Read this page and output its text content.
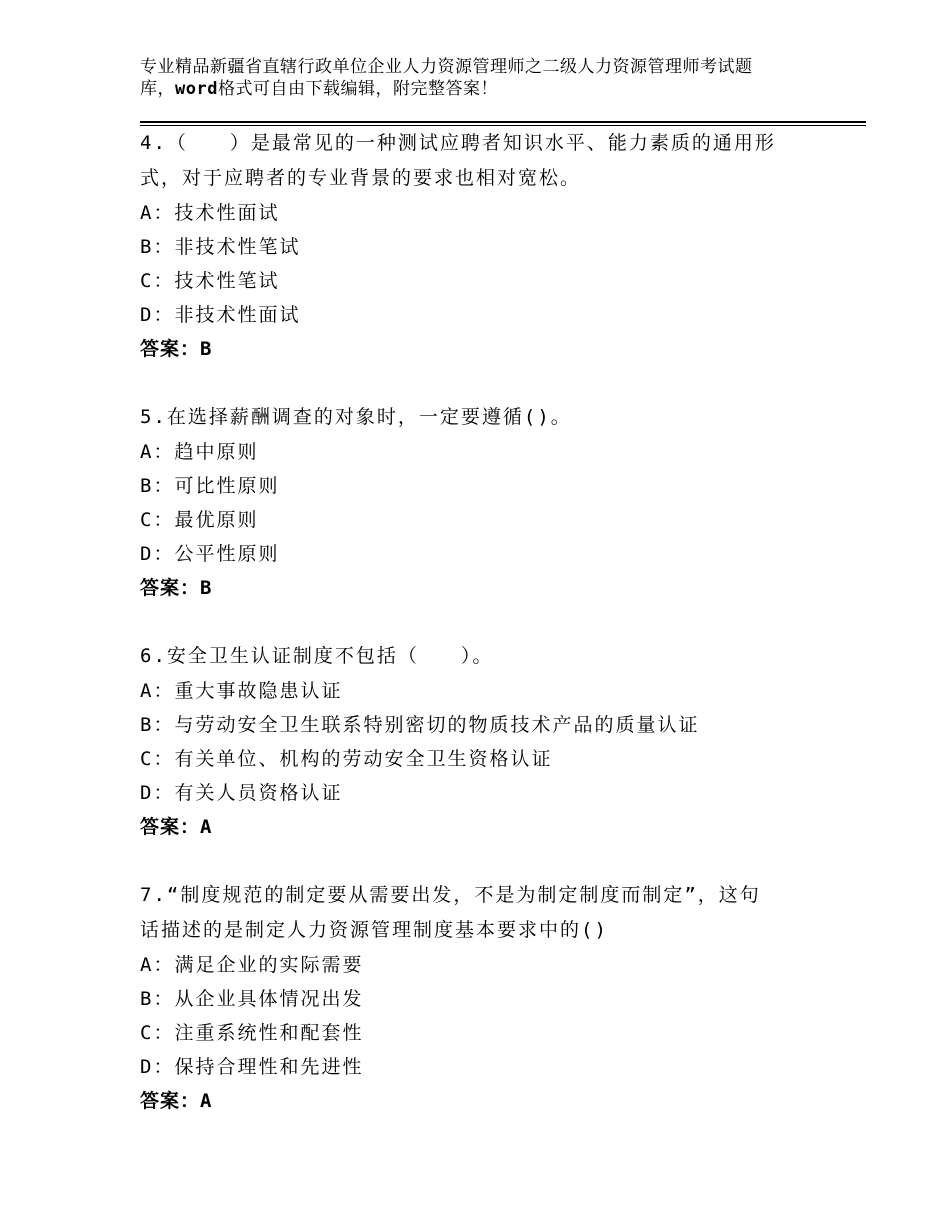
专业精品新疆省直辖行政单位企业人力资源管理师之二级人力资源管理师考试题
库，word格式可自由下载编辑，附完整答案！

4.（　　）是最常见的一种测试应聘者知识水平、能力素质的通用形

式，对于应聘者的专业背景的要求也相对宽松。

A：技术性面试

B：非技术性笔试

C：技术性笔试

D：非技术性面试

答案：B

5.在选择薪酬调查的对象时，一定要遵循()。

A：趋中原则

B：可比性原则

C：最优原则

D：公平性原则

答案：B

6.安全卫生认证制度不包括（　　）。

A：重大事故隐患认证

B：与劳动安全卫生联系特别密切的物质技术产品的质量认证

C：有关单位、机构的劳动安全卫生资格认证

D：有关人员资格认证

答案：A

7.“制度规范的制定要从需要出发，不是为制定制度而制定”，这句

话描述的是制定人力资源管理制度基本要求中的()

A：满足企业的实际需要

B：从企业具体情况出发

C：注重系统性和配套性

D：保持合理性和先进性

答案：A
